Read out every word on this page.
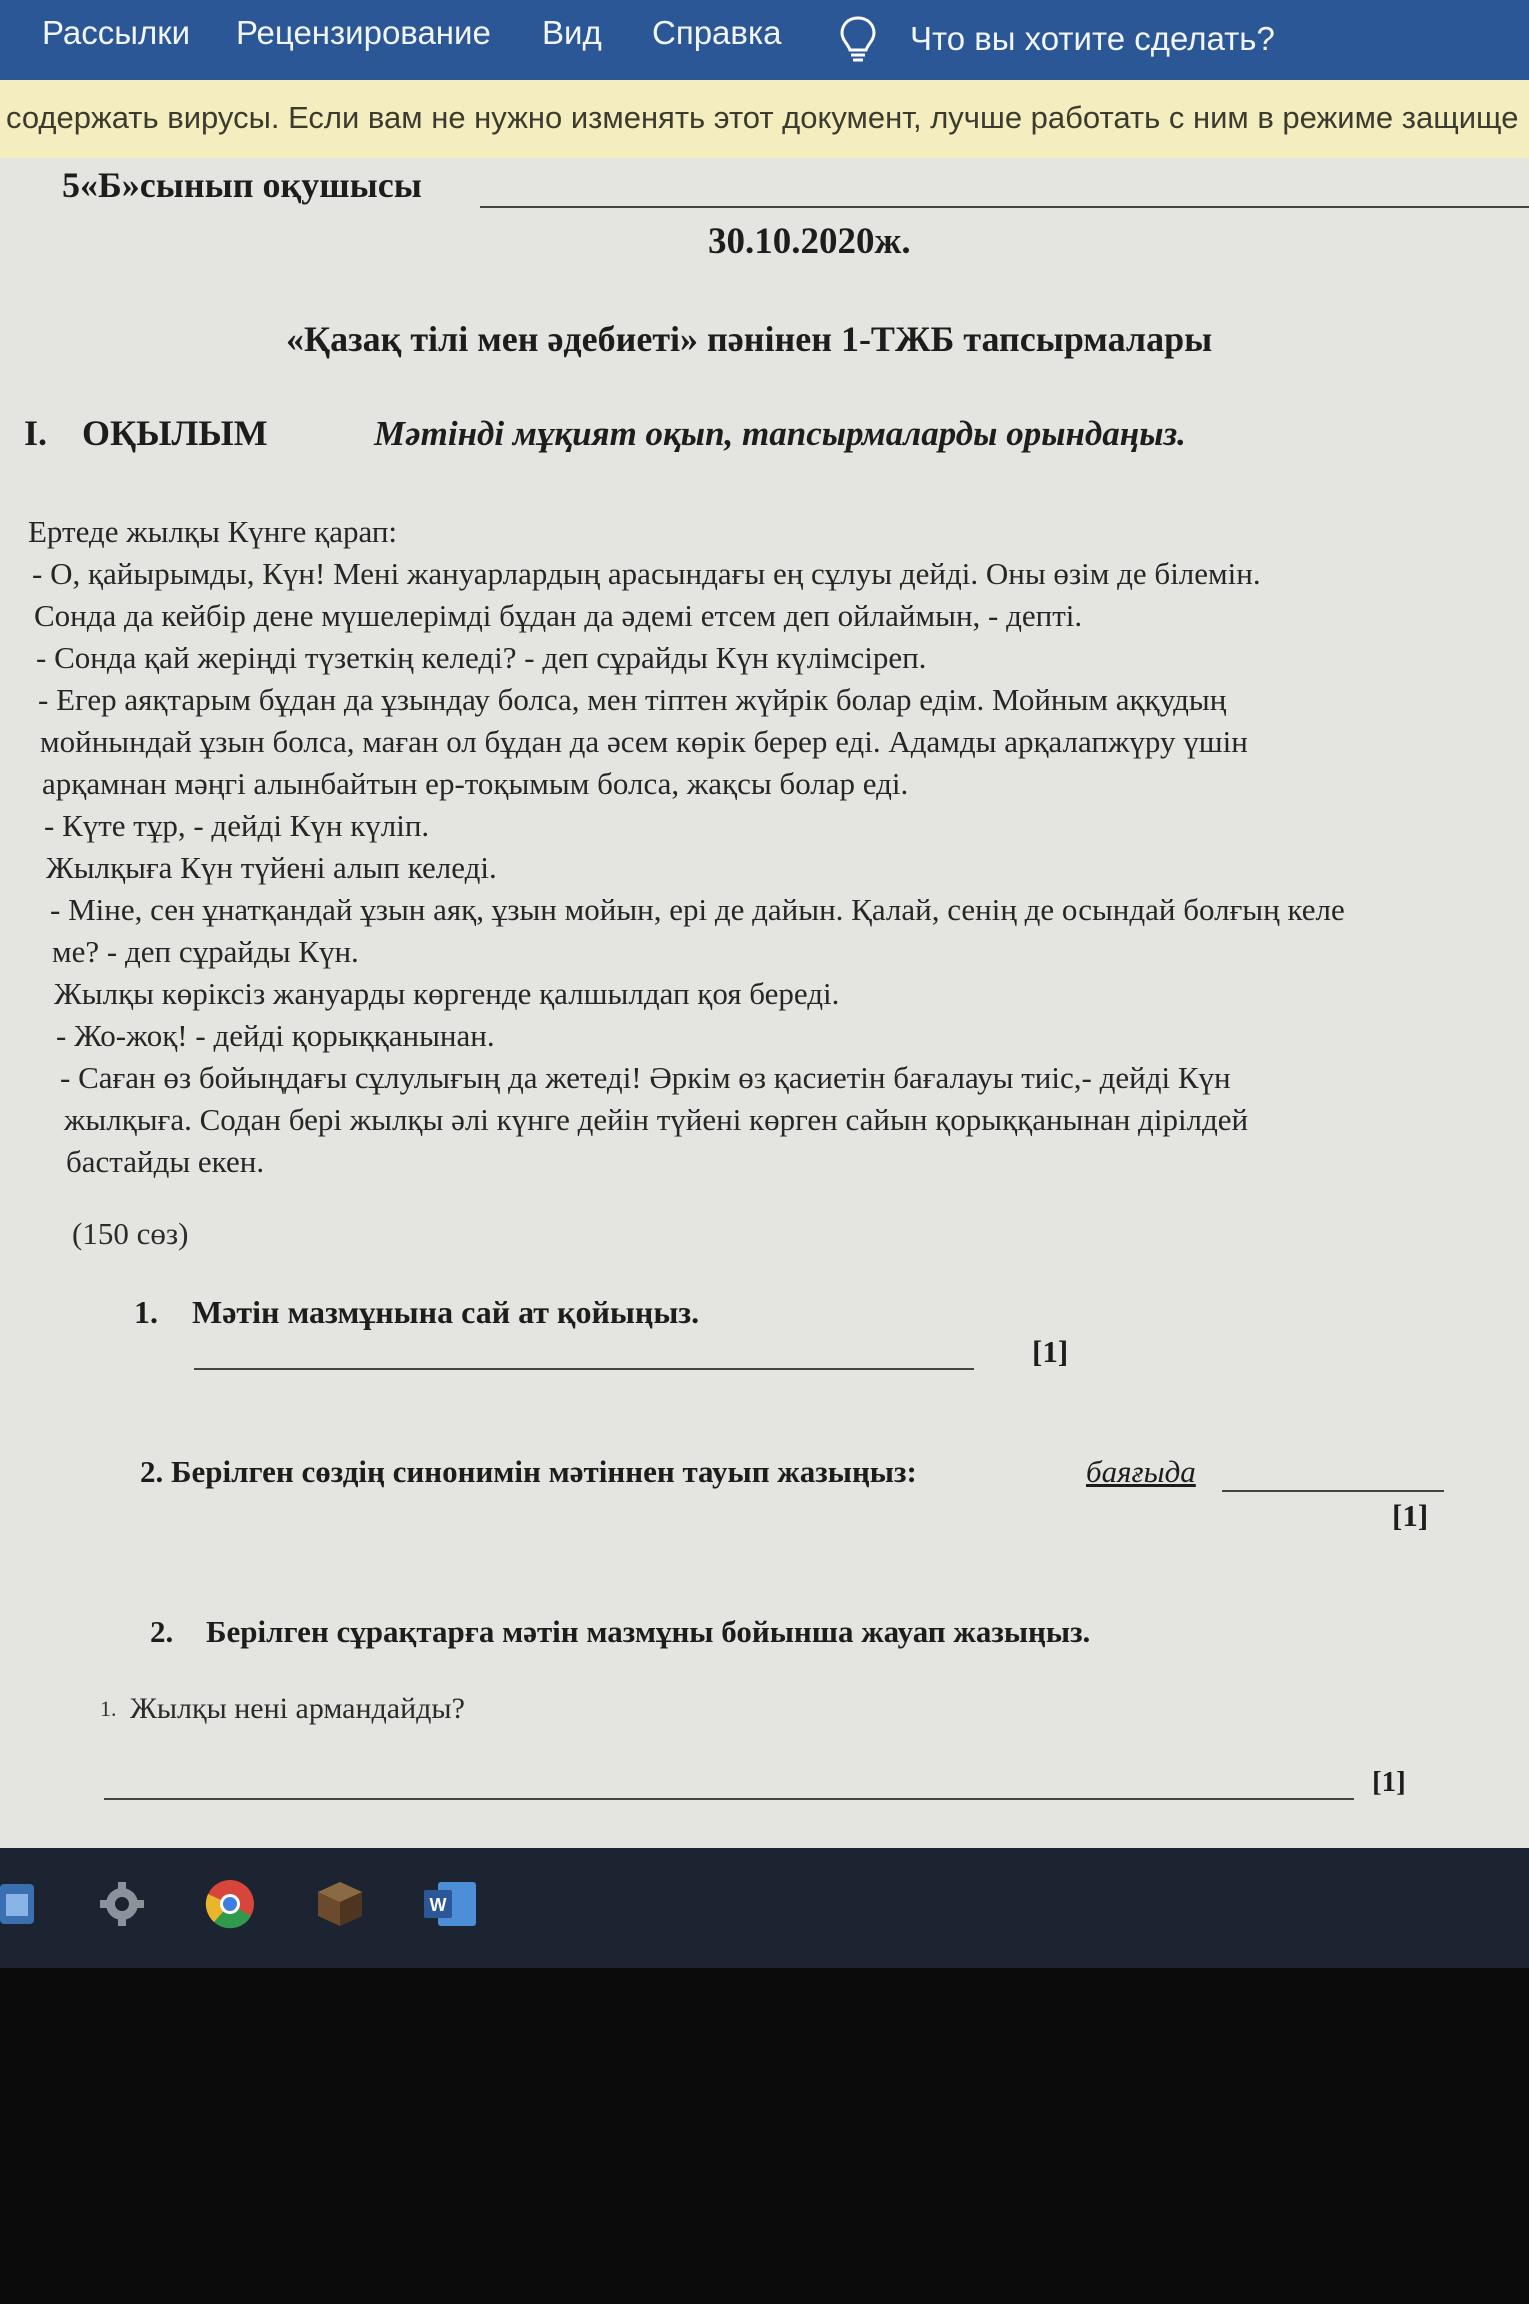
Рассылки Рецензирование Вид Справка	Что вы хотите сделать?
содержать вирусы. Если вам не нужно изменять этот документ, лучше работать с ним в режиме защище
5«Б»сынып оқушысы
30.10.2020ж.
«Қазақ тілі мен әдебиеті» пәнінен 1-ТЖБ тапсырмалары
I. ОҚЫЛЫМ	Мәтінді мұқият оқып, тапсырмаларды орындаңыз.
Ертеде жылқы Күнге қарап:
- О, қайырымды, Күн! Мені жануарлардың арасындағы ең сұлуы дейді. Оны өзім де білемін.
Сонда да кейбір дене мүшелерімді бұдан да әдемі етсем деп ойлаймын, - депті.
- Сонда қай жеріңді түзеткің келеді? - деп сұрайды Күн күлімсіреп.
- Егер аяқтарым бұдан да ұзындау болса, мен тіптен жүйрік болар едім. Мойным аққудың
мойнындай ұзын болса, маған ол бұдан да әсем көрік берер еді. Адамды арқалапжүру үшін
арқамнан мәңгі алынбайтын ер-тоқымым болса, жақсы болар еді.
- Күте тұр, - дейді Күн күліп.
Жылқыға Күн түйені алып келеді.
- Міне, сен ұнатқандай ұзын аяқ, ұзын мойын, ері де дайын. Қалай, сенің де осындай болғың келе
ме? - деп сұрайды Күн.
Жылқы көріксіз жануарды көргенде қалшылдап қоя береді.
- Жо-жоқ! - дейді қорыққанынан.
- Саған өз бойыңдағы сұлулығың да жетеді! Әркім өз қасиетін бағалауы тиіс,- дейді Күн
жылқыға. Содан бері жылқы әлі күнге дейін түйені көрген сайын қорыққанынан дірілдей
бастайды екен.
(150 сөз)
1. Мәтін мазмұнына сай ат қойыңыз.
[1]
2. Берілген сөздің синонимін мәтіннен тауып жазыңыз:	баяғыда
[1]
2. Берілген сұрақтарға мәтін мазмұны бойынша жауап жазыңыз.
1. Жылқы нені армандайды?
[1]
W
